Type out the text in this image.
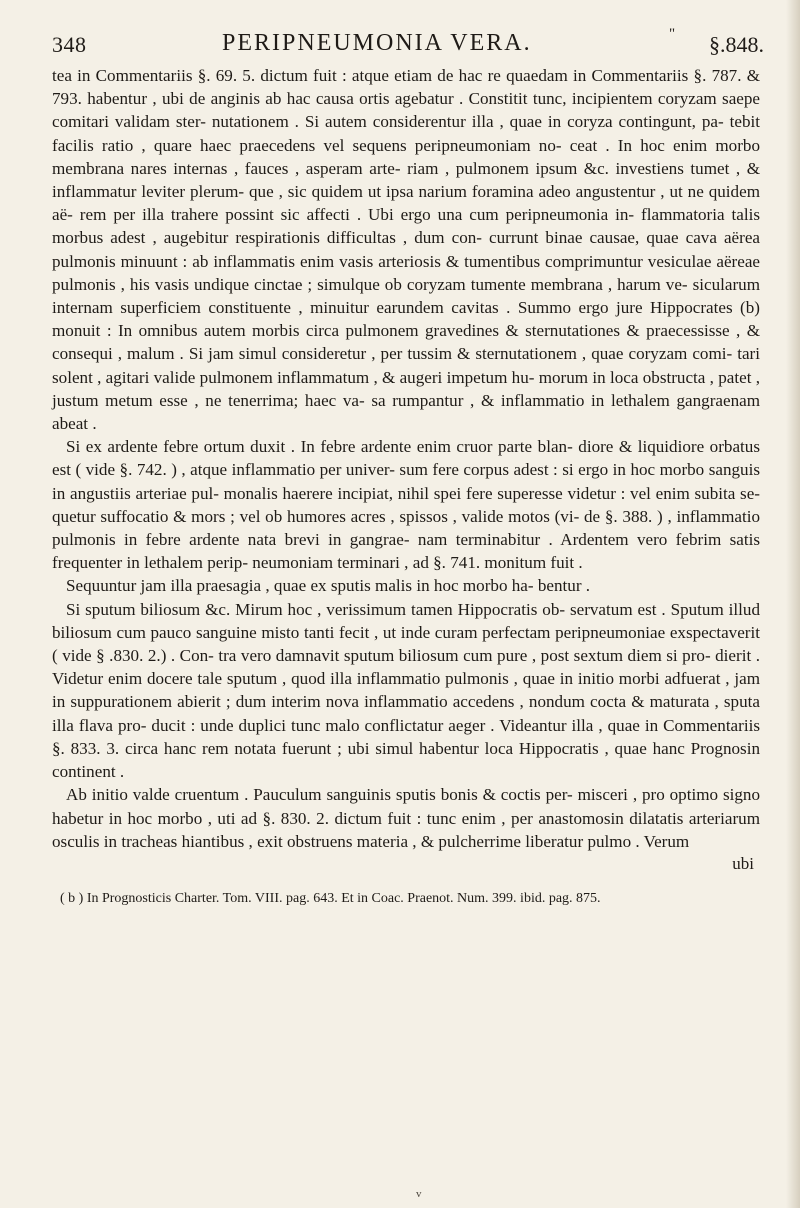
348	PERIPNEUMONIA VERA.	" §.848.

tea in Commentariis §. 69. 5. dictum fuit : atque etiam de hac re quaedam in Commentariis §. 787. & 793. habentur , ubi de anginis ab hac causa ortis agebatur . Constitit tunc, incipientem coryzam saepe comitari validam ster- nutationem . Si autem considerentur illa , quae in coryza contingunt, pa- tebit facilis ratio , quare haec praecedens vel sequens peripneumoniam no- ceat . In hoc enim morbo membrana nares internas , fauces , asperam arte- riam , pulmonem ipsum &c. investiens tumet , & inflammatur leviter plerum- que , sic quidem ut ipsa narium foramina adeo angustentur , ut ne quidem aë- rem per illa trahere possint sic affecti . Ubi ergo una cum peripneumonia in- flammatoria talis morbus adest , augebitur respirationis difficultas , dum con- currunt binae causae, quae cava aërea pulmonis minuunt : ab inflammatis enim vasis arteriosis & tumentibus comprimuntur vesiculae aëreae pulmonis , his vasis undique cinctae ; simulque ob coryzam tumente membrana , harum ve- sicularum internam superficiem constituente , minuitur earundem cavitas . Summo ergo jure Hippocrates (b) monuit : In omnibus autem morbis circa pulmonem gravedines & sternutationes & praecessisse , & consequi , malum . Si jam simul consideretur , per tussim & sternutationem , quae coryzam comi- tari solent , agitari valide pulmonem inflammatum , & augeri impetum hu- morum in loca obstructa , patet , justum metum esse , ne tenerrima; haec va- sa rumpantur , & inflammatio in lethalem gangraenam abeat .

Si ex ardente febre ortum duxit . In febre ardente enim cruor parte blan- diore & liquidiore orbatus est ( vide §. 742. ) , atque inflammatio per univer- sum fere corpus adest : si ergo in hoc morbo sanguis in angustiis arteriae pul- monalis haerere incipiat, nihil spei fere superesse videtur : vel enim subita se- quetur suffocatio & mors ; vel ob humores acres , spissos , valide motos (vi- de §. 388. ) , inflammatio pulmonis in febre ardente nata brevi in gangrae- nam terminabitur . Ardentem vero febrim satis frequenter in lethalem perip- neumoniam terminari , ad §. 741. monitum fuit .

Sequuntur jam illa praesagia , quae ex sputis malis in hoc morbo ha- bentur .

Si sputum biliosum &c. Mirum hoc , verissimum tamen Hippocratis ob- servatum est . Sputum illud biliosum cum pauco sanguine misto tanti fecit , ut inde curam perfectam peripneumoniae exspectaverit ( vide § .830. 2.) . Con- tra vero damnavit sputum biliosum cum pure , post sextum diem si pro- dierit . Videtur enim docere tale sputum , quod illa inflammatio pulmonis , quae in initio morbi adfuerat , jam in suppurationem abierit ; dum interim nova inflammatio accedens , nondum cocta & maturata , sputa illa flava pro- ducit : unde duplici tunc malo conflictatur aeger . Videantur illa , quae in Commentariis §. 833. 3. circa hanc rem notata fuerunt ; ubi simul habentur loca Hippocratis , quae hanc Prognosin continent .

Ab initio valde cruentum . Pauculum sanguinis sputis bonis & coctis per- misceri , pro optimo signo habetur in hoc morbo , uti ad §. 830. 2. dictum fuit : tunc enim , per anastomosin dilatatis arteriarum osculis in tracheas hiantibus , exit obstruens materia , & pulcherrime liberatur pulmo . Verum

ubi
( b ) In Prognosticis Charter. Tom. VIII. pag. 643. Et in Coac. Praenot. Num. 399. ibid. pag. 875.
v
